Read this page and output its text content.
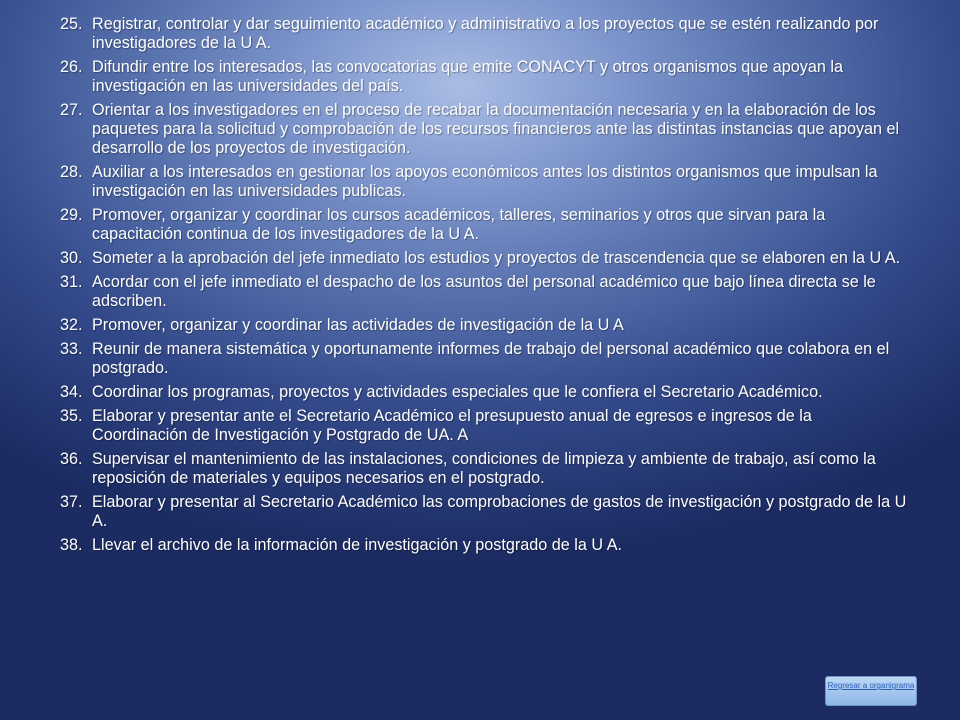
25. Registrar, controlar y dar seguimiento académico y administrativo a los proyectos que se estén realizando por investigadores de la U A.
26. Difundir entre los interesados, las convocatorias que emite CONACYT y otros organismos que apoyan la investigación en las universidades del país.
27. Orientar a los investigadores en el proceso de recabar la documentación necesaria y en la elaboración de los paquetes para la solicitud y comprobación de los recursos financieros ante las distintas instancias que apoyan el desarrollo de los proyectos de investigación.
28. Auxiliar a los interesados en gestionar los apoyos económicos antes los distintos organismos que impulsan la investigación en las universidades publicas.
29. Promover, organizar y coordinar los cursos académicos, talleres, seminarios y otros que sirvan para la capacitación continua de los investigadores de la U A.
30. Someter a la aprobación del jefe inmediato los estudios y proyectos de trascendencia que se elaboren en la U A.
31. Acordar con el jefe inmediato el despacho de los asuntos del personal académico que bajo línea directa se le adscriben.
32. Promover, organizar y coordinar las actividades de investigación de la U A
33. Reunir de manera sistemática y oportunamente informes de trabajo del personal académico que colabora en el postgrado.
34. Coordinar los programas, proyectos y actividades especiales que le confiera el Secretario Académico.
35. Elaborar y presentar ante el Secretario Académico el presupuesto anual de egresos e ingresos de la Coordinación de Investigación y Postgrado de UA. A
36. Supervisar el mantenimiento de las instalaciones, condiciones de limpieza y ambiente de trabajo, así como la reposición de materiales y equipos necesarios en el postgrado.
37. Elaborar y presentar al Secretario Académico las comprobaciones de gastos de investigación y postgrado de la U A.
38. Llevar el archivo de la información de investigación y postgrado de la U A.
Regresar a organigrama
